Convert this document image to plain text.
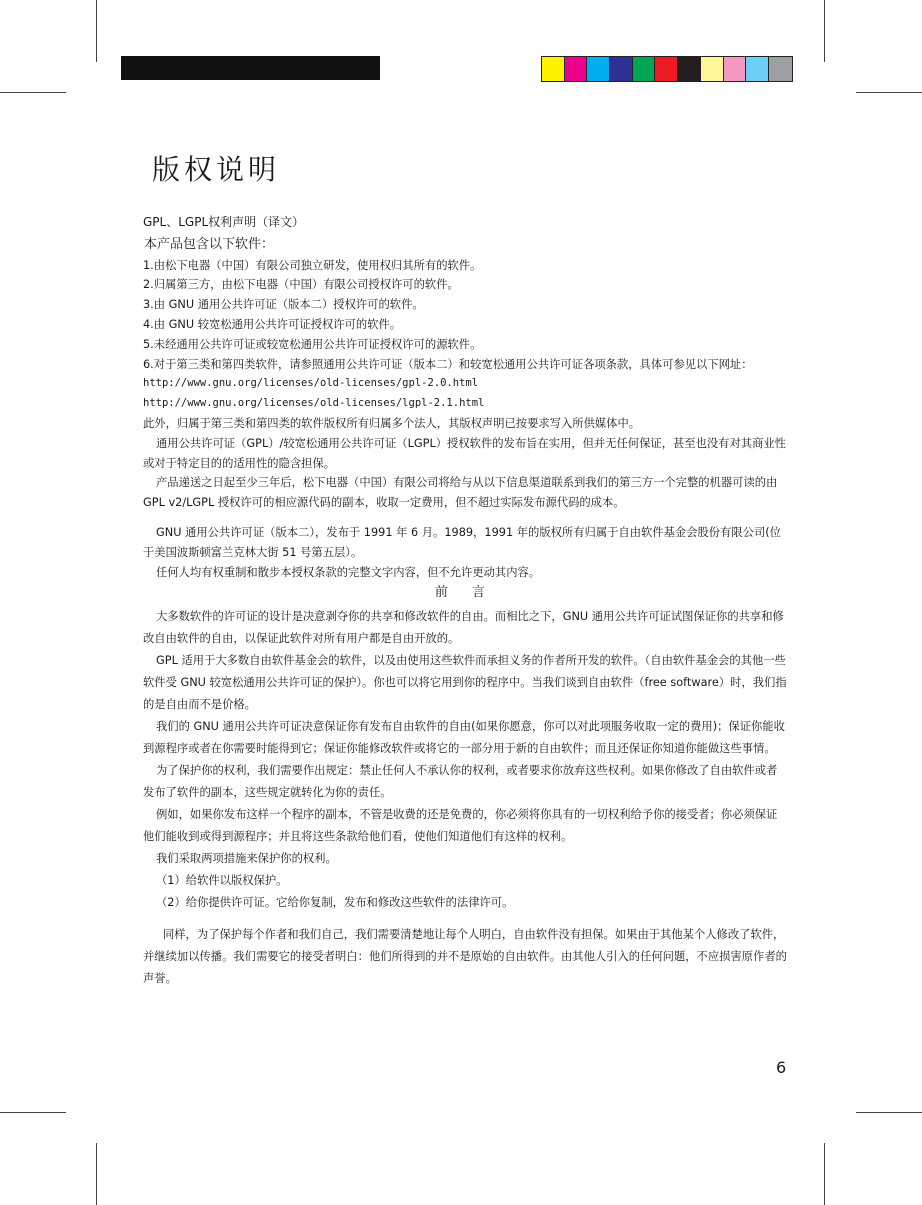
版权说明

GPL、LGPL权利声明（译文）

本产品包含以下软件：

1.由松下电器（中国）有限公司独立研发，使用权归其所有的软件。

2.归属第三方，由松下电器（中国）有限公司授权许可的软件。

3.由 GNU 通用公共许可证（版本二）授权许可的软件。

4.由 GNU 较宽松通用公共许可证授权许可的软件。

5.未经通用公共许可证或较宽松通用公共许可证授权许可的源软件。

6.对于第三类和第四类软件，请参照通用公共许可证（版本二）和较宽松通用公共许可证各项条款，具体可参见以下网址：

http://www.gnu.org/licenses/old-licenses/gpl-2.0.html

http://www.gnu.org/licenses/old-licenses/lgpl-2.1.html

此外，归属于第三类和第四类的软件版权所有归属多个法人，其版权声明已按要求写入所供媒体中。

通用公共许可证（GPL）/较宽松通用公共许可证（LGPL）授权软件的发布旨在实用，但并无任何保证，甚至也没有对其商业性或对于特定目的的适用性的隐含担保。

产品递送之日起至少三年后，松下电器（中国）有限公司将给与从以下信息渠道联系到我们的第三方一个完整的机器可读的由 GPL v2/LGPL 授权许可的相应源代码的副本，收取一定费用，但不超过实际发布源代码的成本。

GNU 通用公共许可证（版本二），发布于 1991 年 6 月。1989，1991 年的版权所有归属于自由软件基金会股份有限公司(位于美国波斯顿富兰克林大街 51 号第五层）。

任何人均有权重制和散步本授权条款的完整文字内容，但不允许更动其内容。

前 言

大多数软件的许可证的设计是决意剥夺你的共享和修改软件的自由。而相比之下，GNU 通用公共许可证试图保证你的共享和修改自由软件的自由，以保证此软件对所有用户都是自由开放的。

GPL 适用于大多数自由软件基金会的软件，以及由使用这些软件而承担义务的作者所开发的软件。（自由软件基金会的其他一些软件受 GNU 较宽松通用公共许可证的保护）。你也可以将它用到你的程序中。当我们谈到自由软件（free software）时，我们指的是自由而不是价格。

我们的 GNU 通用公共许可证决意保证你有发布自由软件的自由(如果你愿意，你可以对此项服务收取一定的费用)；保证你能收到源程序或者在你需要时能得到它；保证你能修改软件或将它的一部分用于新的自由软件；而且还保证你知道你能做这些事情。

为了保护你的权利，我们需要作出规定：禁止任何人不承认你的权利，或者要求你放弃这些权利。如果你修改了自由软件或者发布了软件的副本，这些规定就转化为你的责任。

例如，如果你发布这样一个程序的副本，不管是收费的还是免费的，你必须将你具有的一切权利给予你的接受者；你必须保证他们能收到或得到源程序；并且将这些条款给他们看，使他们知道他们有这样的权利。

我们采取两项措施来保护你的权利。

（1）给软件以版权保护。

（2）给你提供许可证。它给你复制，发布和修改这些软件的法律许可。

同样，为了保护每个作者和我们自己，我们需要清楚地让每个人明白，自由软件没有担保。如果由于其他某个人修改了软件，并继续加以传播。我们需要它的接受者明白：他们所得到的并不是原始的自由软件。由其他人引入的任何问题，不应损害原作者的声誉。

6
